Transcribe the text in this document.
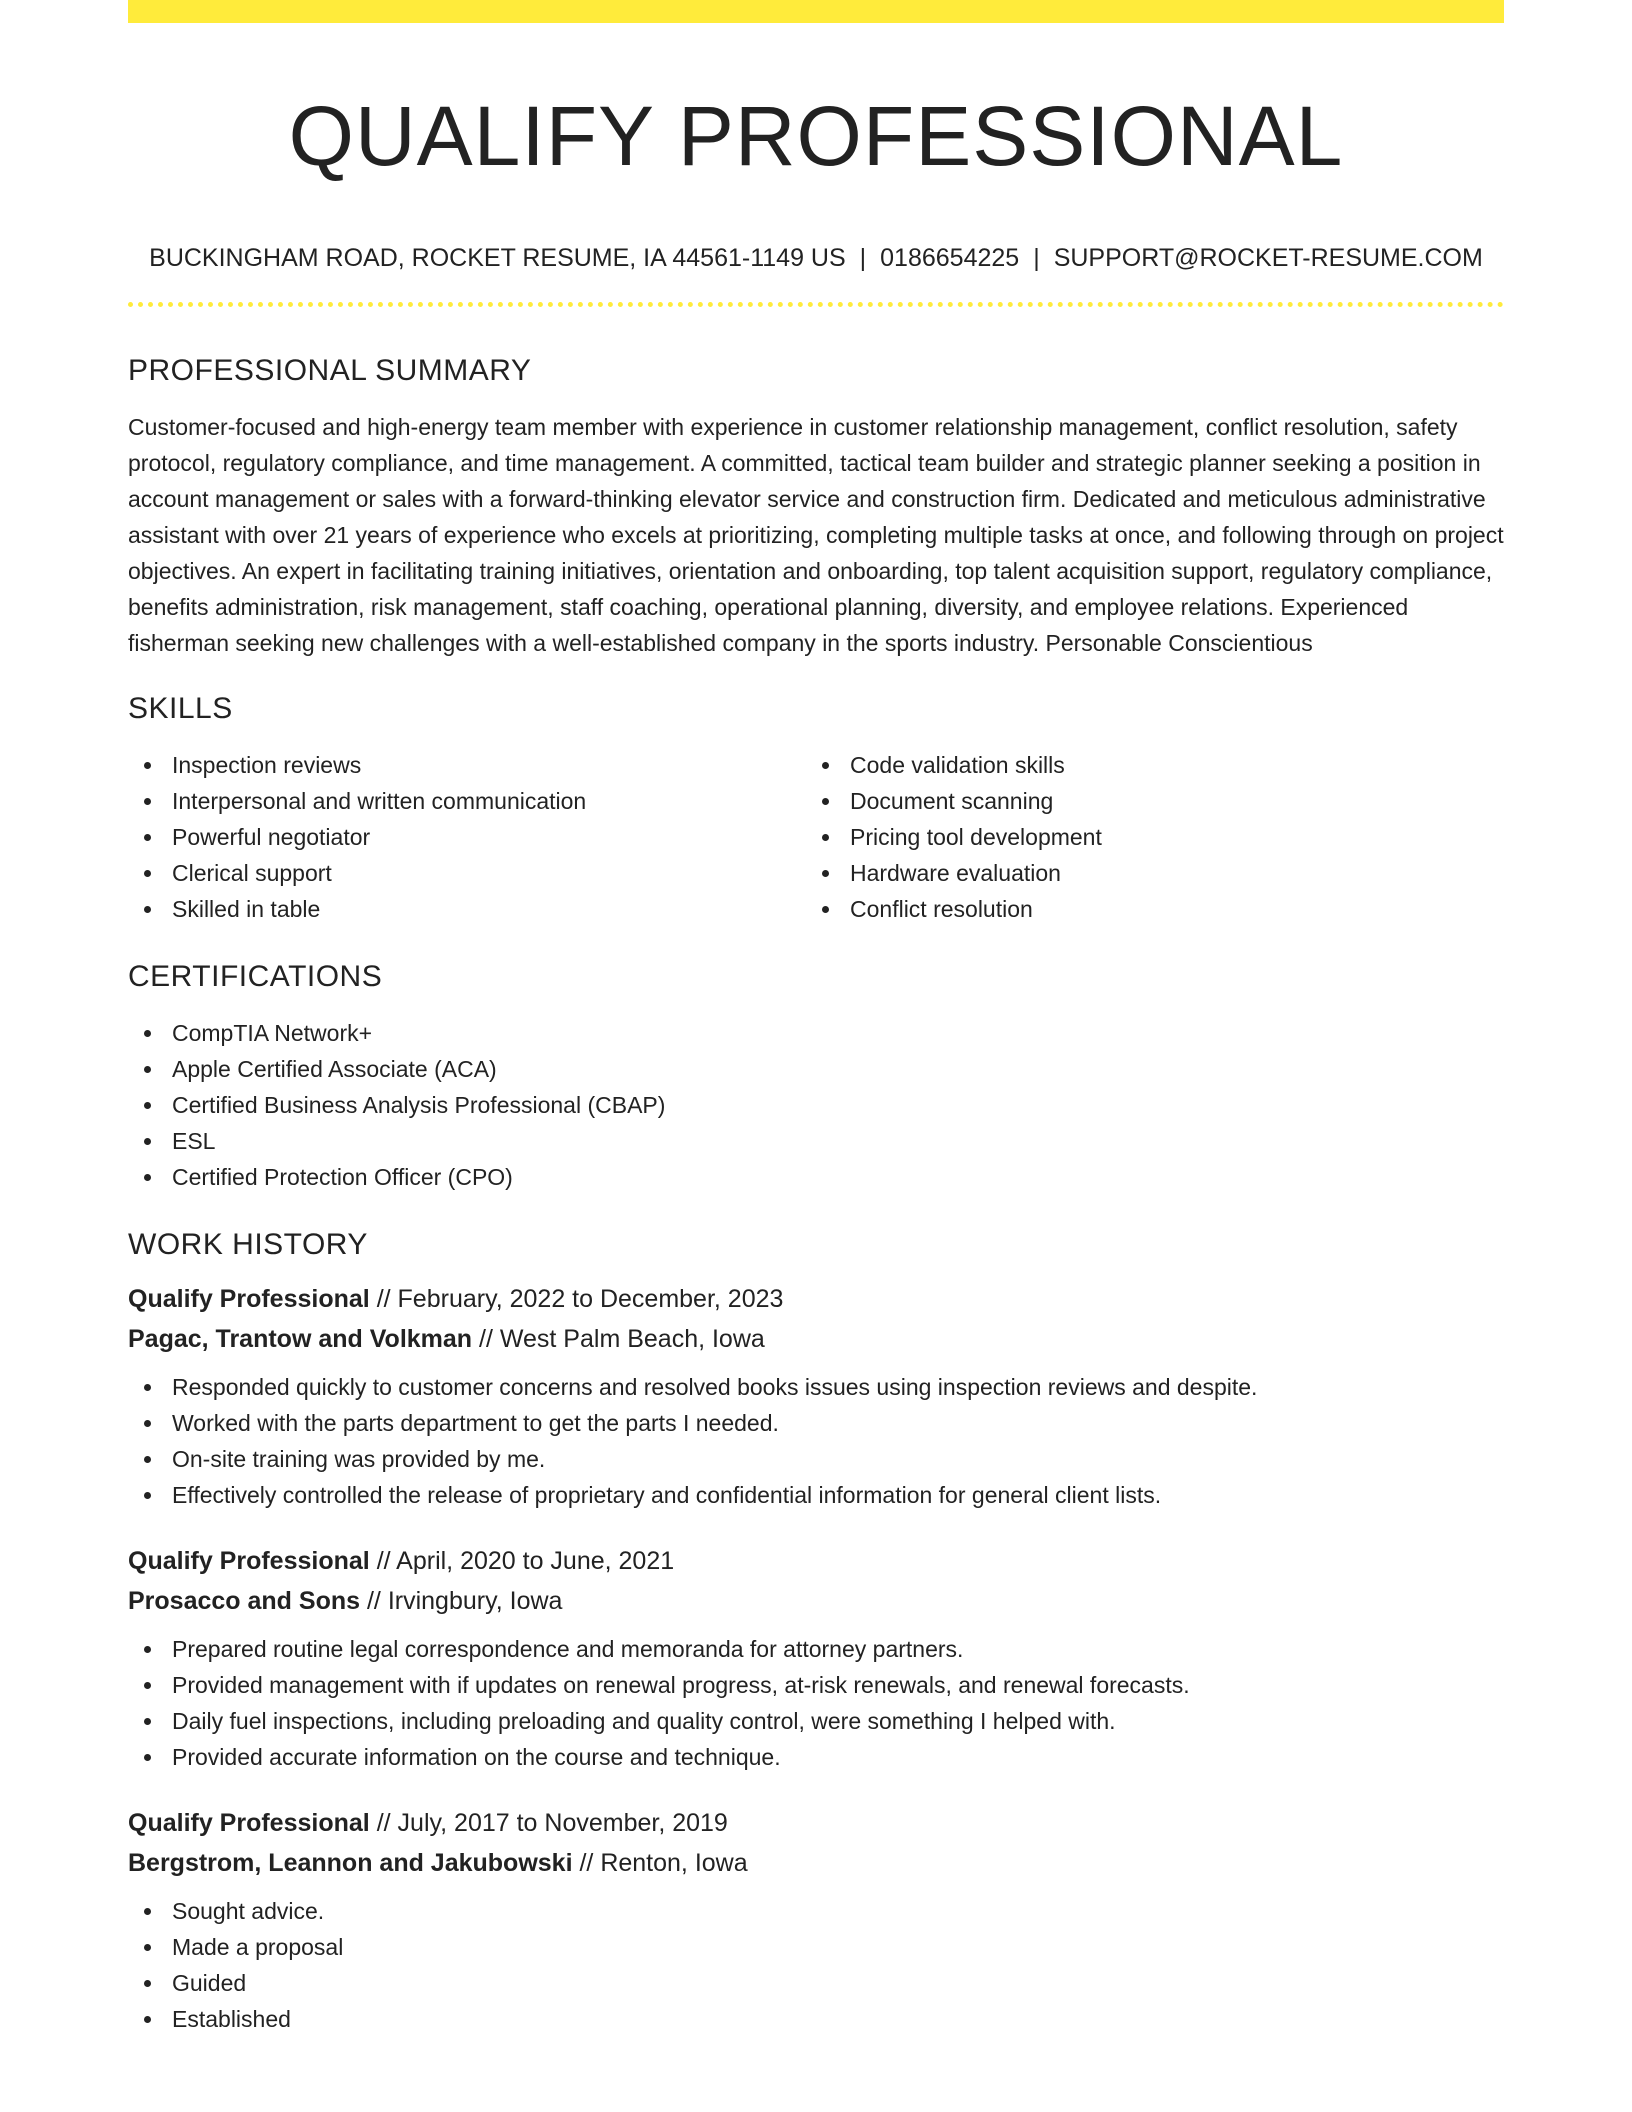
QUALIFY PROFESSIONAL
BUCKINGHAM ROAD, ROCKET RESUME, IA 44561-1149 US | 0186654225 | SUPPORT@ROCKET-RESUME.COM
PROFESSIONAL SUMMARY

Customer-focused and high-energy team member with experience in customer relationship management, conflict resolution, safety protocol, regulatory compliance, and time management. A committed, tactical team builder and strategic planner seeking a position in account management or sales with a forward-thinking elevator service and construction firm. Dedicated and meticulous administrative assistant with over 21 years of experience who excels at prioritizing, completing multiple tasks at once, and following through on project objectives. An expert in facilitating training initiatives, orientation and onboarding, top talent acquisition support, regulatory compliance, benefits administration, risk management, staff coaching, operational planning, diversity, and employee relations. Experienced fisherman seeking new challenges with a well-established company in the sports industry. Personable Conscientious

SKILLS
Inspection reviews
Interpersonal and written communication
Powerful negotiator
Clerical support
Skilled in table
Code validation skills
Document scanning
Pricing tool development
Hardware evaluation
Conflict resolution
CERTIFICATIONS
CompTIA Network+
Apple Certified Associate (ACA)
Certified Business Analysis Professional (CBAP)
ESL
Certified Protection Officer (CPO)
WORK HISTORY
Qualify Professional // February, 2022 to December, 2023
Pagac, Trantow and Volkman // West Palm Beach, Iowa
Responded quickly to customer concerns and resolved books issues using inspection reviews and despite.
Worked with the parts department to get the parts I needed.
On-site training was provided by me.
Effectively controlled the release of proprietary and confidential information for general client lists.
Qualify Professional // April, 2020 to June, 2021
Prosacco and Sons // Irvingbury, Iowa
Prepared routine legal correspondence and memoranda for attorney partners.
Provided management with if updates on renewal progress, at-risk renewals, and renewal forecasts.
Daily fuel inspections, including preloading and quality control, were something I helped with.
Provided accurate information on the course and technique.
Qualify Professional // July, 2017 to November, 2019
Bergstrom, Leannon and Jakubowski // Renton, Iowa
Sought advice.
Made a proposal
Guided
Established
